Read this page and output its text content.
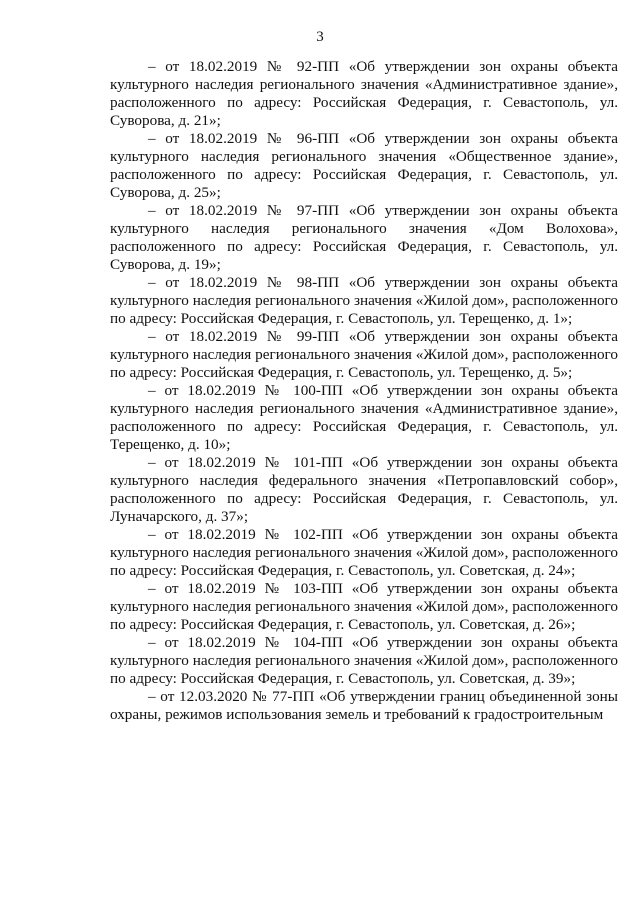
3

– от 18.02.2019 № 92-ПП «Об утверждении зон охраны объекта культурного наследия регионального значения «Административное здание», расположенного по адресу: Российская Федерация, г. Севастополь, ул. Суворова, д. 21»;

– от 18.02.2019 № 96-ПП «Об утверждении зон охраны объекта культурного наследия регионального значения «Общественное здание», расположенного по адресу: Российская Федерация, г. Севастополь, ул. Суворова, д. 25»;

– от 18.02.2019 № 97-ПП «Об утверждении зон охраны объекта культурного наследия регионального значения «Дом Волохова», расположенного по адресу: Российская Федерация, г. Севастополь, ул. Суворова, д. 19»;

– от 18.02.2019 № 98-ПП «Об утверждении зон охраны объекта культурного наследия регионального значения «Жилой дом», расположенного по адресу: Российская Федерация, г. Севастополь, ул. Терещенко, д. 1»;

– от 18.02.2019 № 99-ПП «Об утверждении зон охраны объекта культурного наследия регионального значения «Жилой дом», расположенного по адресу: Российская Федерация, г. Севастополь, ул. Терещенко, д. 5»;

– от 18.02.2019 № 100-ПП «Об утверждении зон охраны объекта культурного наследия регионального значения «Административное здание», расположенного по адресу: Российская Федерация, г. Севастополь, ул. Терещенко, д. 10»;

– от 18.02.2019 № 101-ПП «Об утверждении зон охраны объекта культурного наследия федерального значения «Петропавловский собор», расположенного по адресу: Российская Федерация, г. Севастополь, ул. Луначарского, д. 37»;

– от 18.02.2019 № 102-ПП «Об утверждении зон охраны объекта культурного наследия регионального значения «Жилой дом», расположенного по адресу: Российская Федерация, г. Севастополь, ул. Советская, д. 24»;

– от 18.02.2019 № 103-ПП «Об утверждении зон охраны объекта культурного наследия регионального значения «Жилой дом», расположенного по адресу: Российская Федерация, г. Севастополь, ул. Советская, д. 26»;

– от 18.02.2019 № 104-ПП «Об утверждении зон охраны объекта культурного наследия регионального значения «Жилой дом», расположенного по адресу: Российская Федерация, г. Севастополь, ул. Советская, д. 39»;

– от 12.03.2020 № 77-ПП «Об утверждении границ объединенной зоны охраны, режимов использования земель и требований к градостроительным
